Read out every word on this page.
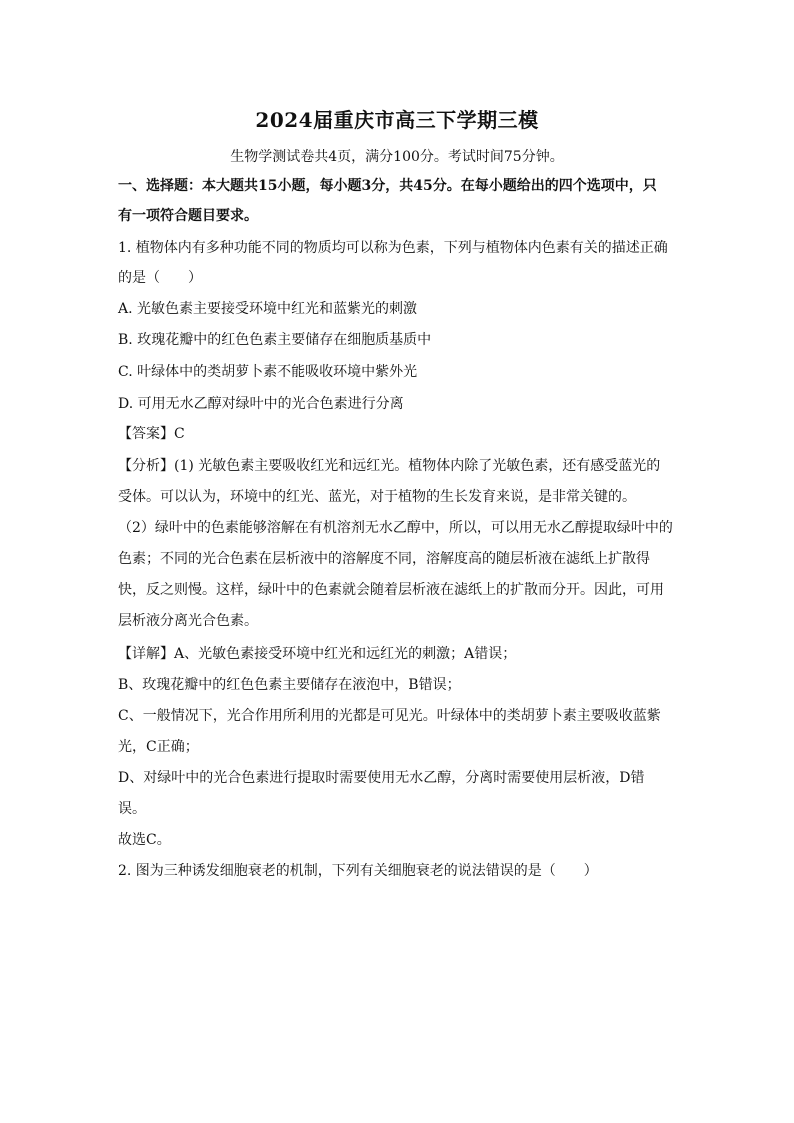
2024届重庆市高三下学期三模
生物学测试卷共4页，满分100分。考试时间75分钟。
一、选择题：本大题共15小题，每小题3分，共45分。在每小题给出的四个选项中，只
有一项符合题目要求。
1. 植物体内有多种功能不同的物质均可以称为色素，下列与植物体内色素有关的描述正确
的是（　　）
A. 光敏色素主要接受环境中红光和蓝紫光的刺激
B. 玫瑰花瓣中的红色色素主要储存在细胞质基质中
C. 叶绿体中的类胡萝卜素不能吸收环境中紫外光
D. 可用无水乙醇对绿叶中的光合色素进行分离
【答案】C
【分析】(1) 光敏色素主要吸收红光和远红光。植物体内除了光敏色素，还有感受蓝光的
受体。可以认为，环境中的红光、蓝光，对于植物的生长发育来说，是非常关键的。
（2）绿叶中的色素能够溶解在有机溶剂无水乙醇中，所以，可以用无水乙醇提取绿叶中的
色素；不同的光合色素在层析液中的溶解度不同，溶解度高的随层析液在滤纸上扩散得
快，反之则慢。这样，绿叶中的色素就会随着层析液在滤纸上的扩散而分开。因此，可用
层析液分离光合色素。
【详解】A、光敏色素接受环境中红光和远红光的刺激；A错误；
B、玫瑰花瓣中的红色色素主要储存在液泡中，B错误；
C、一般情况下，光合作用所利用的光都是可见光。叶绿体中的类胡萝卜素主要吸收蓝紫
光，C正确；
D、对绿叶中的光合色素进行提取时需要使用无水乙醇，分离时需要使用层析液，D错
误。
故选C。
2. 图为三种诱发细胞衰老的机制，下列有关细胞衰老的说法错误的是（　　）
